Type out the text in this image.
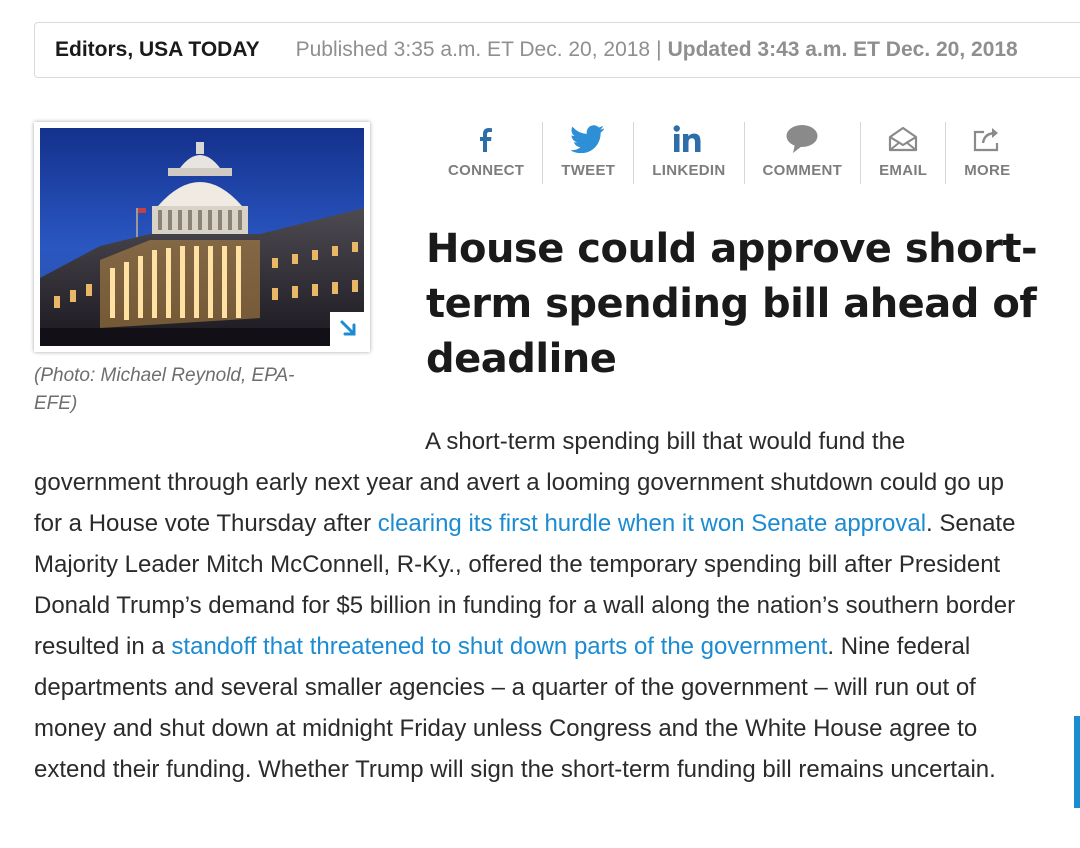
Editors, USA TODAY Published 3:35 a.m. ET Dec. 20, 2018 | Updated 3:43 a.m. ET Dec. 20, 2018
(Photo: Michael Reynold, EPA-EFE)
CONNECT TWEET LINKEDIN COMMENT EMAIL MORE
House could approve short-term spending bill ahead of deadline

A short-term spending bill that would fund the government through early next year and avert a looming government shutdown could go up for a House vote Thursday after clearing its first hurdle when it won Senate approval. Senate Majority Leader Mitch McConnell, R-Ky., offered the temporary spending bill after President Donald Trump’s demand for $5 billion in funding for a wall along the nation’s southern border resulted in a standoff that threatened to shut down parts of the government. Nine federal departments and several smaller agencies – a quarter of the government – will run out of money and shut down at midnight Friday unless Congress and the White House agree to extend their funding. Whether Trump will sign the short-term funding bill remains uncertain.
